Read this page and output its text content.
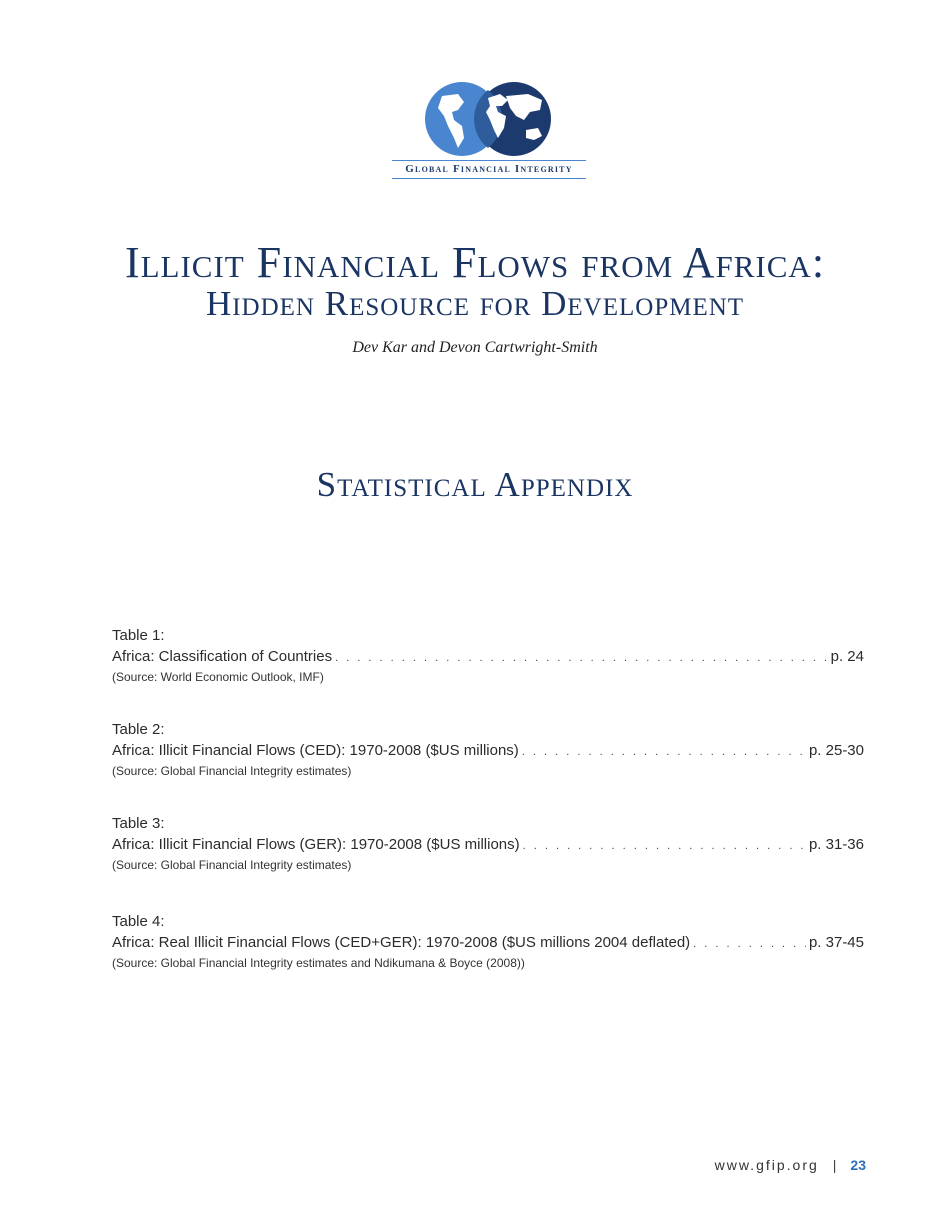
Global Financial Integrity
Illicit Financial Flows from Africa:
Hidden Resource for Development
Dev Kar and Devon Cartwright-Smith
Statistical Appendix
Table 1:
Africa: Classification of Countries . . .	p. 24
(Source: World Economic Outlook, IMF)
Table 2:
Africa: Illicit Financial Flows (CED): 1970-2008 ($US millions) . . .	p. 25-30
(Source: Global Financial Integrity estimates)
Table 3:
Africa: Illicit Financial Flows (GER): 1970-2008 ($US millions) . . .	p. 31-36
(Source: Global Financial Integrity estimates)
Table 4:
Africa: Real Illicit Financial Flows (CED+GER): 1970-2008 ($US millions 2004 deflated) . . .	p. 37-45
(Source: Global Financial Integrity estimates and Ndikumana & Boyce (2008))
www.gfip.org | 23
